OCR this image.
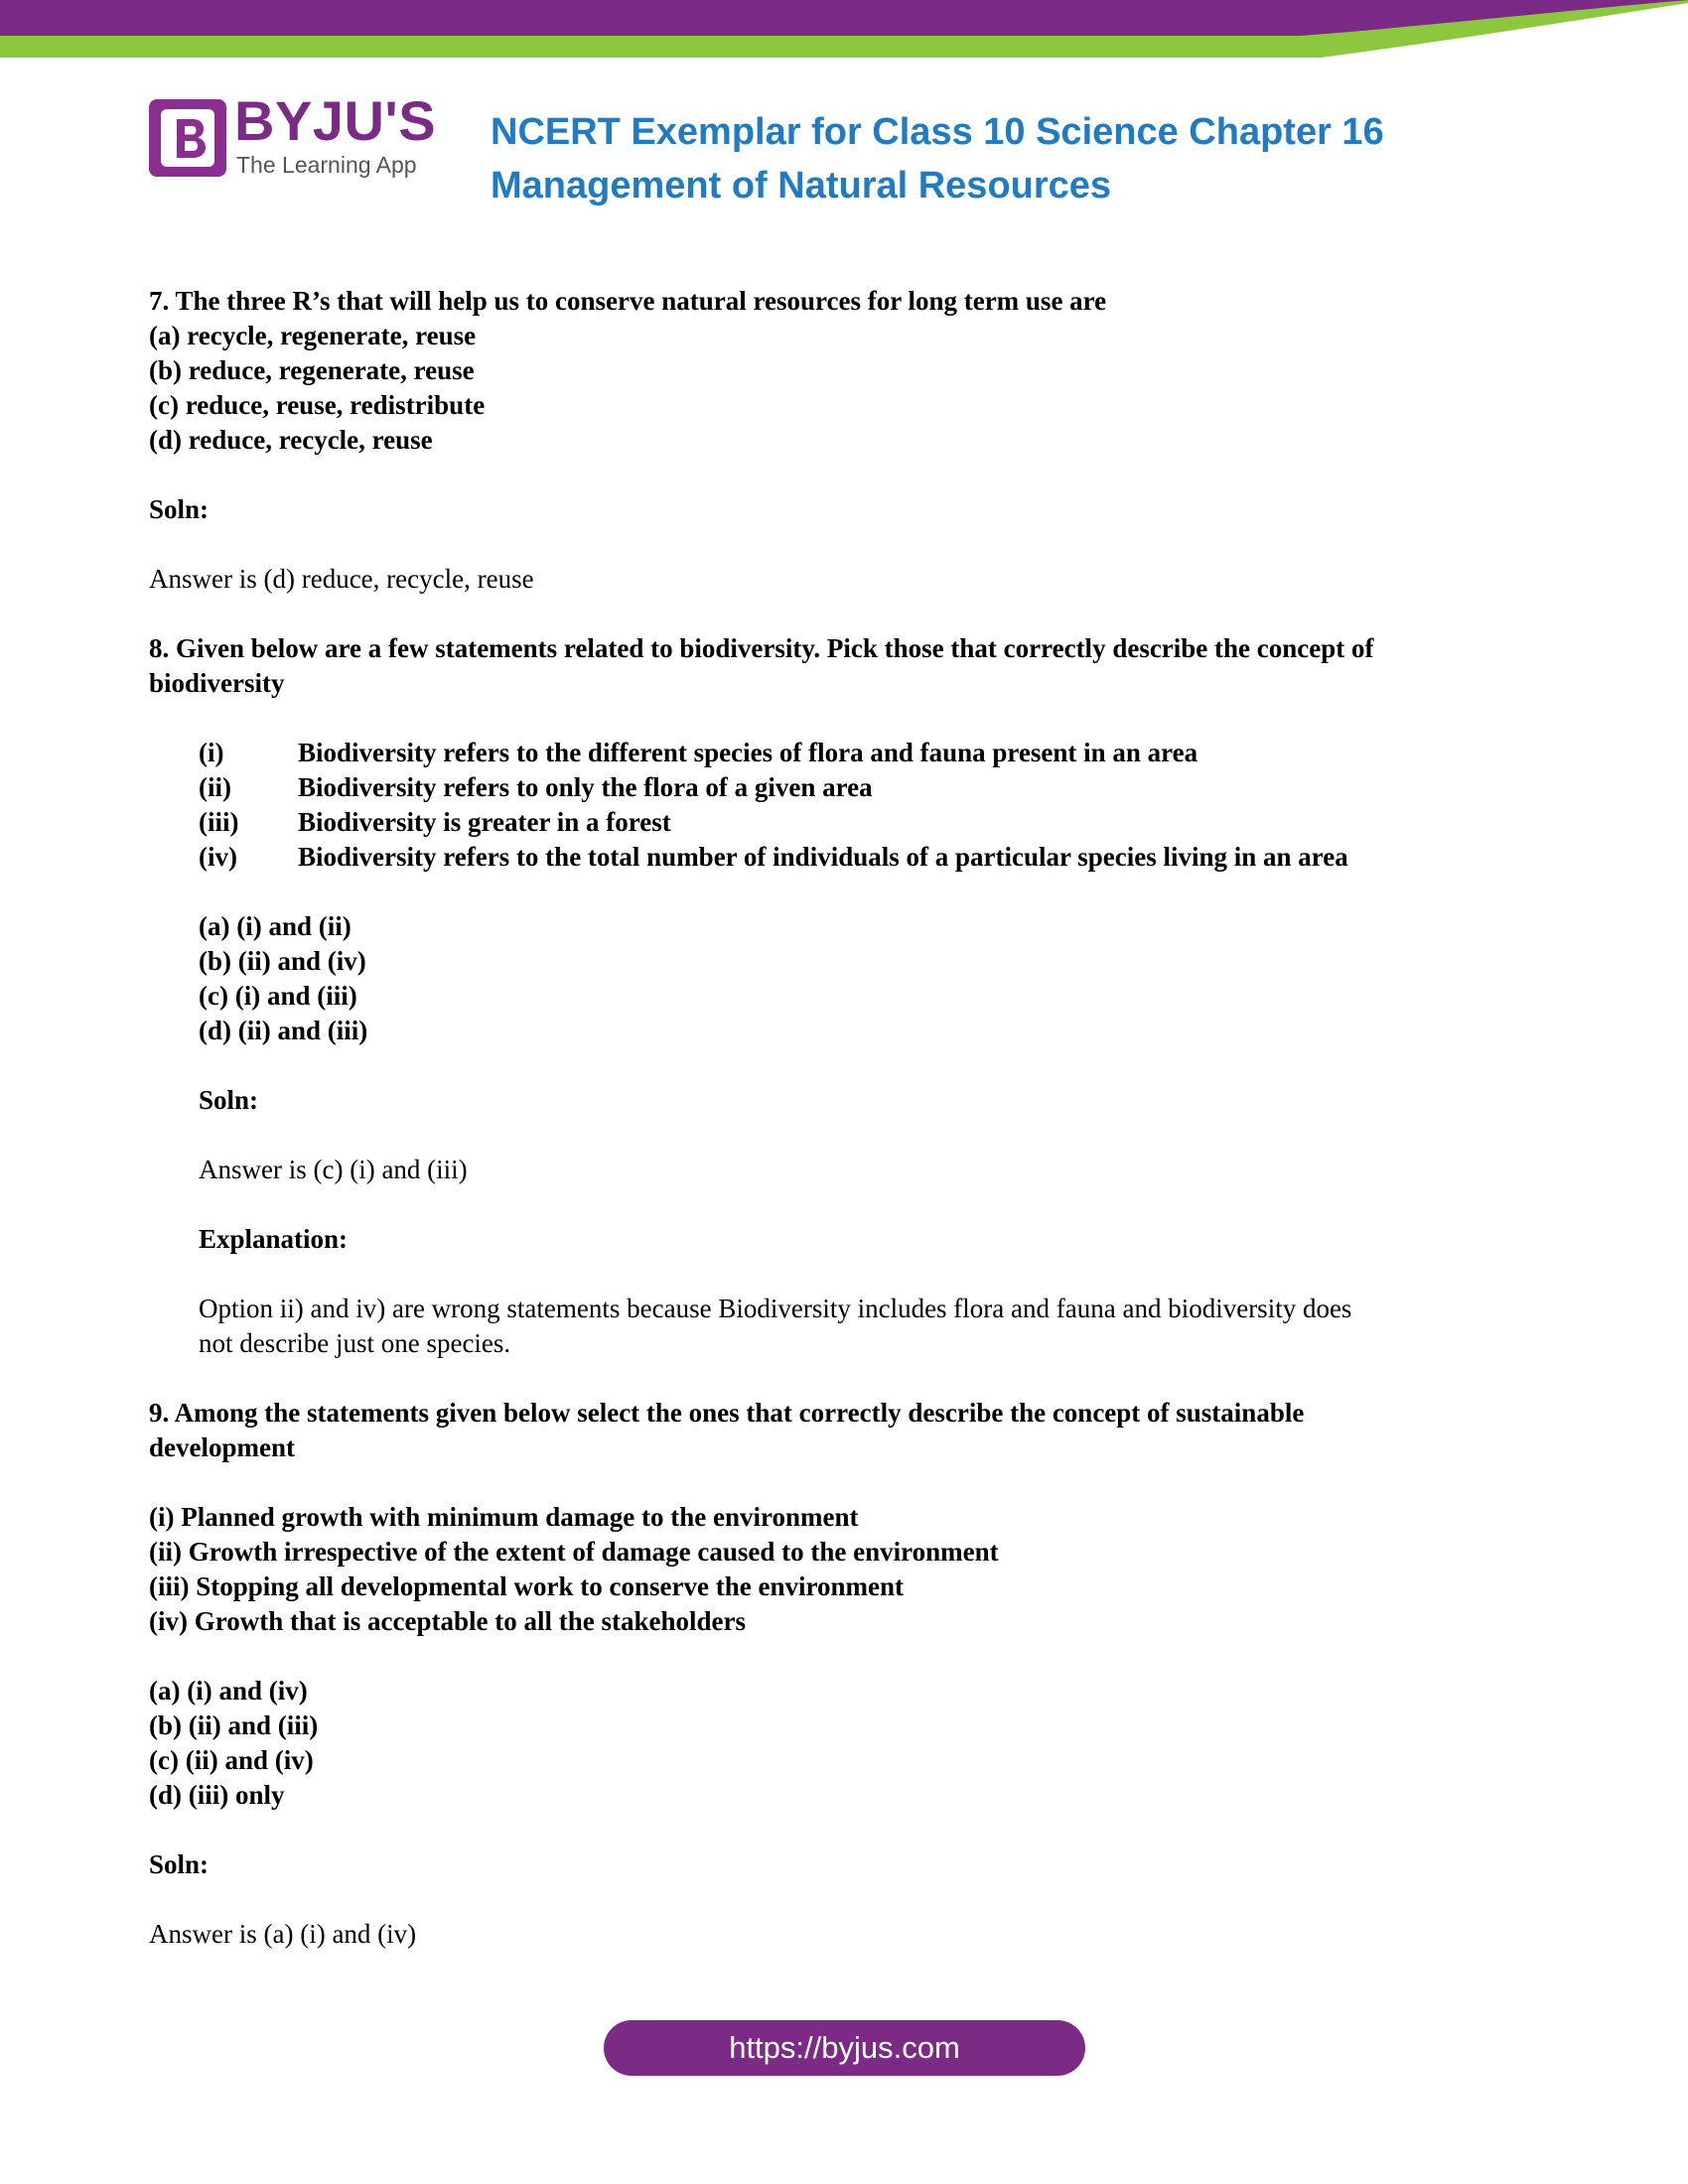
BYJU'S
The Learning App
NCERT Exemplar for Class 10 Science Chapter 16
Management of Natural Resources

7. The three R’s that will help us to conserve natural resources for long term use are

(a) recycle, regenerate, reuse

(b) reduce, regenerate, reuse

(c) reduce, reuse, redistribute

(d) reduce, recycle, reuse

Soln:

Answer is (d) reduce, recycle, reuse

8. Given below are a few statements related to biodiversity. Pick those that correctly describe the concept of

biodiversity

(i)	Biodiversity refers to the different species of flora and fauna present in an area
(ii)	Biodiversity refers to only the flora of a given area
(iii)	Biodiversity is greater in a forest
(iv)	Biodiversity refers to the total number of individuals of a particular species living in an area

(a) (i) and (ii)

(b) (ii) and (iv)

(c) (i) and (iii)

(d) (ii) and (iii)

Soln:

Answer is (c) (i) and (iii)

Explanation:

Option ii) and iv) are wrong statements because Biodiversity includes flora and fauna and biodiversity does

not describe just one species.

9. Among the statements given below select the ones that correctly describe the concept of sustainable

development

(i) Planned growth with minimum damage to the environment

(ii) Growth irrespective of the extent of damage caused to the environment

(iii) Stopping all developmental work to conserve the environment

(iv) Growth that is acceptable to all the stakeholders

(a) (i) and (iv)

(b) (ii) and (iii)

(c) (ii) and (iv)

(d) (iii) only

Soln:

Answer is (a) (i) and (iv)

https://byjus.com
